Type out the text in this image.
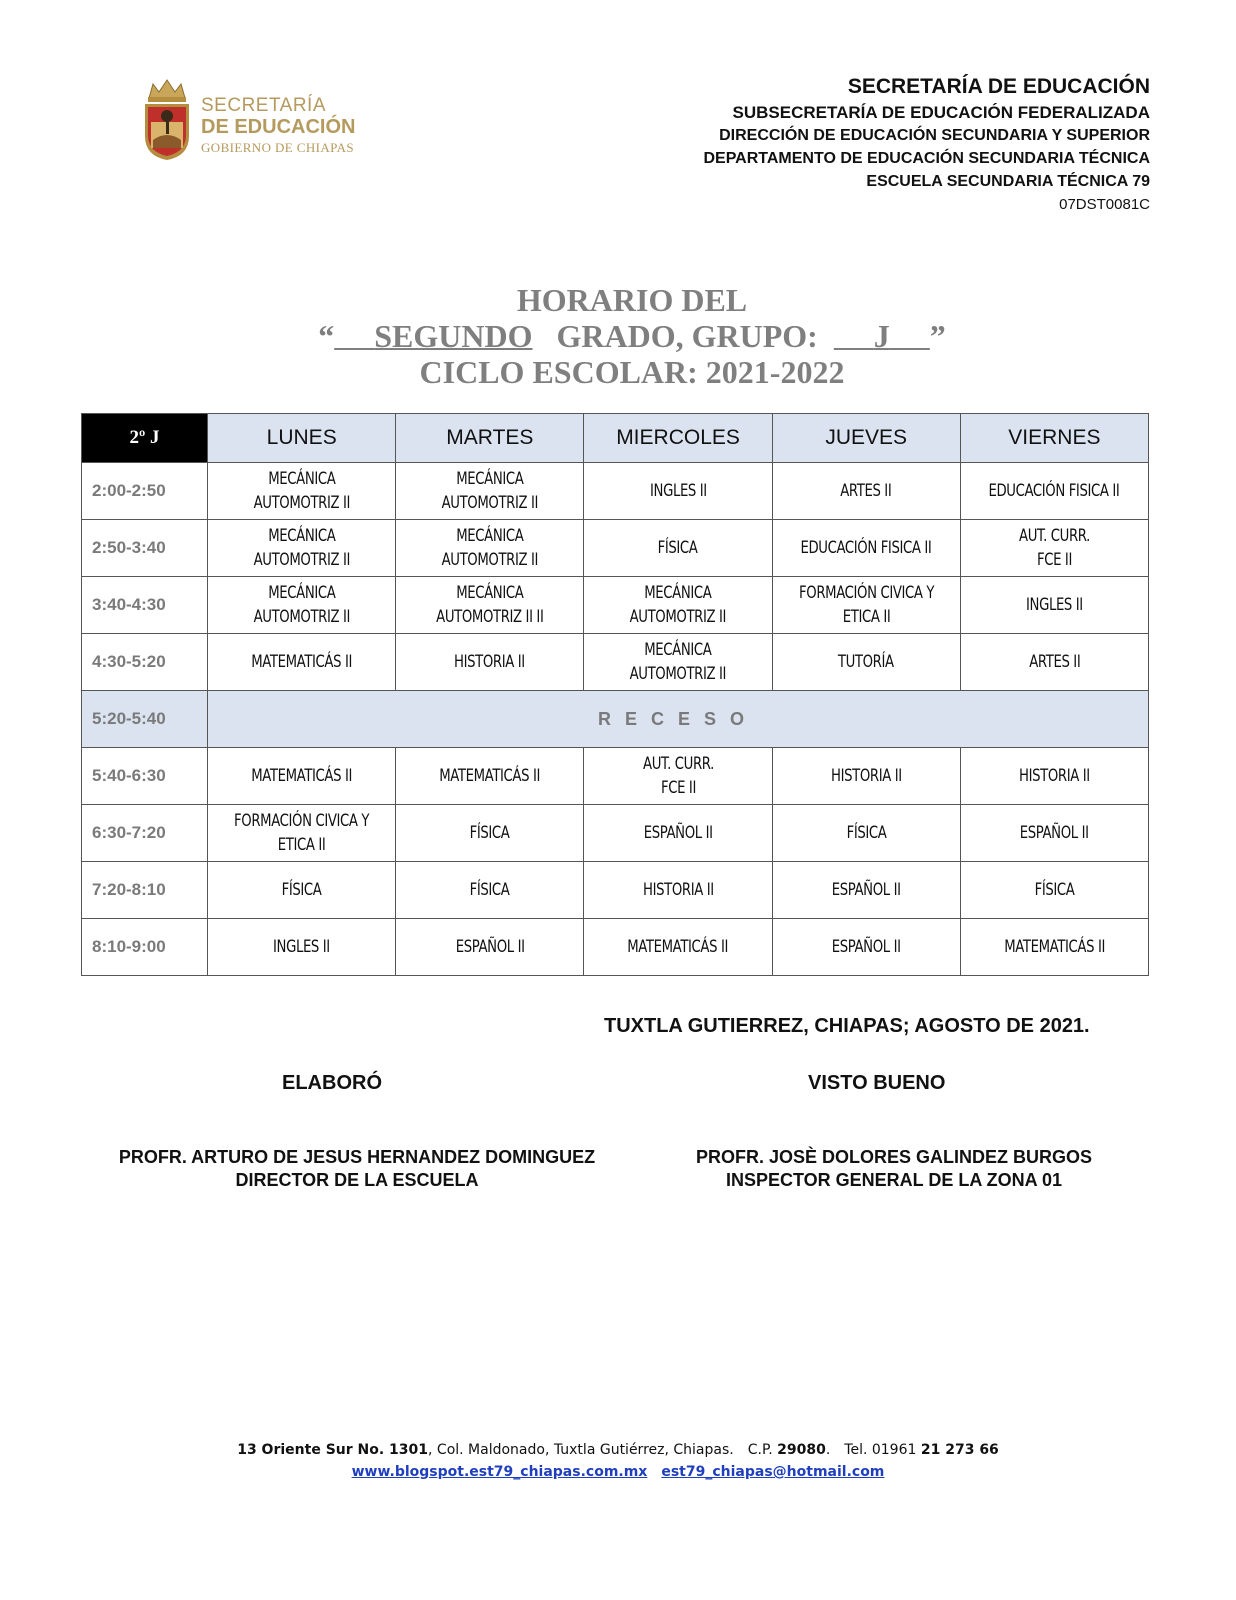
SECRETARÍA
DE EDUCACIÓN
GOBIERNO DE CHIAPAS
SECRETARÍA DE EDUCACIÓN
SUBSECRETARÍA DE EDUCACIÓN FEDERALIZADA
DIRECCIÓN DE EDUCACIÓN SECUNDARIA Y SUPERIOR
DEPARTAMENTO DE EDUCACIÓN SECUNDARIA TÉCNICA
ESCUELA SECUNDARIA TÉCNICA 79
07DST0081C
HORARIO DEL
“ SEGUNDO GRADO, GRUPO: J ”
CICLO ESCOLAR: 2021-2022
2º J	LUNES	MARTES	MIERCOLES	JUEVES	VIERNES
2:00-2:50	MECÁNICA
AUTOMOTRIZ II	MECÁNICA
AUTOMOTRIZ II	INGLES II	ARTES II	EDUCACIÓN FISICA II
2:50-3:40	MECÁNICA
AUTOMOTRIZ II	MECÁNICA
AUTOMOTRIZ II	FÍSICA	EDUCACIÓN FISICA II	AUT. CURR.
FCE II
3:40-4:30	MECÁNICA
AUTOMOTRIZ II	MECÁNICA
AUTOMOTRIZ II II	MECÁNICA
AUTOMOTRIZ II	FORMACIÓN CIVICA Y
ETICA II	INGLES II
4:30-5:20	MATEMATICÁS II	HISTORIA II	MECÁNICA
AUTOMOTRIZ II	TUTORÍA	ARTES II
5:20-5:40	RECESO				
5:40-6:30	MATEMATICÁS II	MATEMATICÁS II	AUT. CURR.
FCE II	HISTORIA II	HISTORIA II
6:30-7:20	FORMACIÓN CIVICA Y
ETICA II	FÍSICA	ESPAÑOL II	FÍSICA	ESPAÑOL II
7:20-8:10	FÍSICA	FÍSICA	HISTORIA II	ESPAÑOL II	FÍSICA
8:10-9:00	INGLES II	ESPAÑOL II	MATEMATICÁS II	ESPAÑOL II	MATEMATICÁS II
TUXTLA GUTIERREZ, CHIAPAS; AGOSTO DE 2021.
ELABORÓ	VISTO BUENO
PROFR. ARTURO DE JESUS HERNANDEZ DOMINGUEZ
DIRECTOR DE LA ESCUELA
PROFR. JOSÈ DOLORES GALINDEZ BURGOS
INSPECTOR GENERAL DE LA ZONA 01
13 Oriente Sur No. 1301, Col. Maldonado, Tuxtla Gutiérrez, Chiapas. C.P. 29080. Tel. 01961 21 273 66
www.blogspot.est79_chiapas.com.mx est79_chiapas@hotmail.com
